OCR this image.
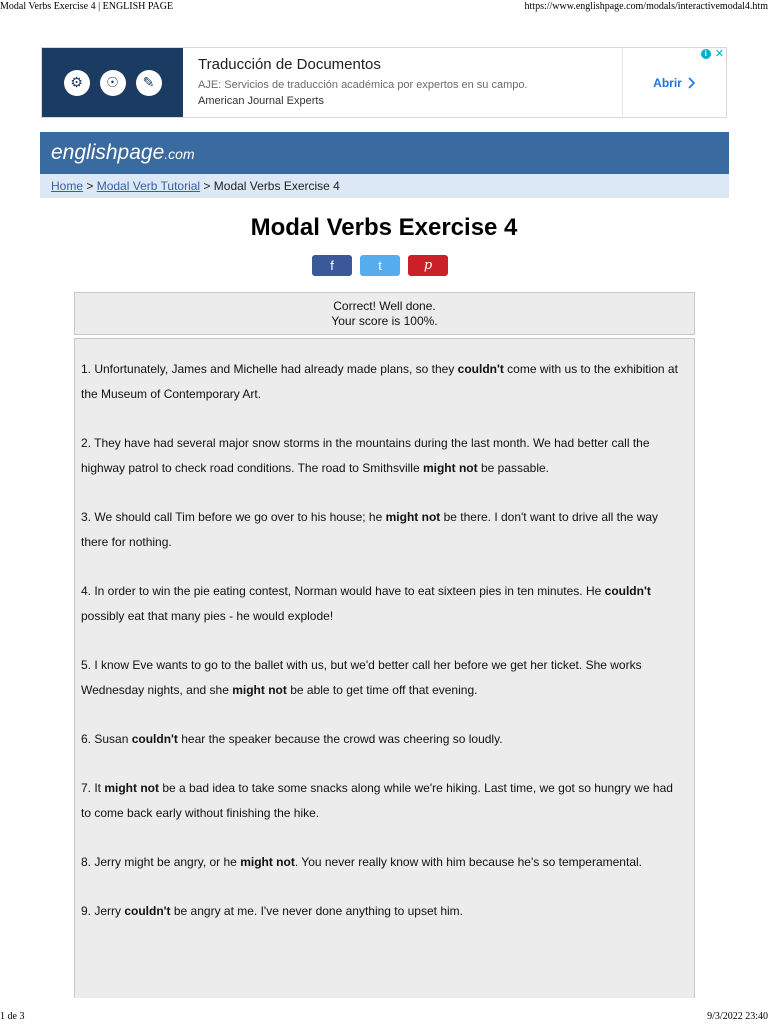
Modal Verbs Exercise 4 | ENGLISH PAGE	https://www.englishpage.com/modals/interactivemodal4.htm
⚙	☉	✎
Traducción de Documentos
AJE: Servicios de traducción académica por expertos en su campo.
American Journal Experts
Abrir
i ✕
englishpage.com
Home > Modal Verb Tutorial > Modal Verbs Exercise 4
Modal Verbs Exercise 4
f	t	p
Correct! Well done.
Your score is 100%.

1. Unfortunately, James and Michelle had already made plans, so they couldn't come with us to the exhibition at the Museum of Contemporary Art.

2. They have had several major snow storms in the mountains during the last month. We had better call the highway patrol to check road conditions. The road to Smithsville might not be passable.

3. We should call Tim before we go over to his house; he might not be there. I don't want to drive all the way there for nothing.

4. In order to win the pie eating contest, Norman would have to eat sixteen pies in ten minutes. He couldn't possibly eat that many pies - he would explode!

5. I know Eve wants to go to the ballet with us, but we'd better call her before we get her ticket. She works Wednesday nights, and she might not be able to get time off that evening.

6. Susan couldn't hear the speaker because the crowd was cheering so loudly.

7. It might not be a bad idea to take some snacks along while we're hiking. Last time, we got so hungry we had to come back early without finishing the hike.

8. Jerry might be angry, or he might not. You never really know with him because he's so temperamental.

9. Jerry couldn't be angry at me. I've never done anything to upset him.

1 de 3	9/3/2022 23:40
